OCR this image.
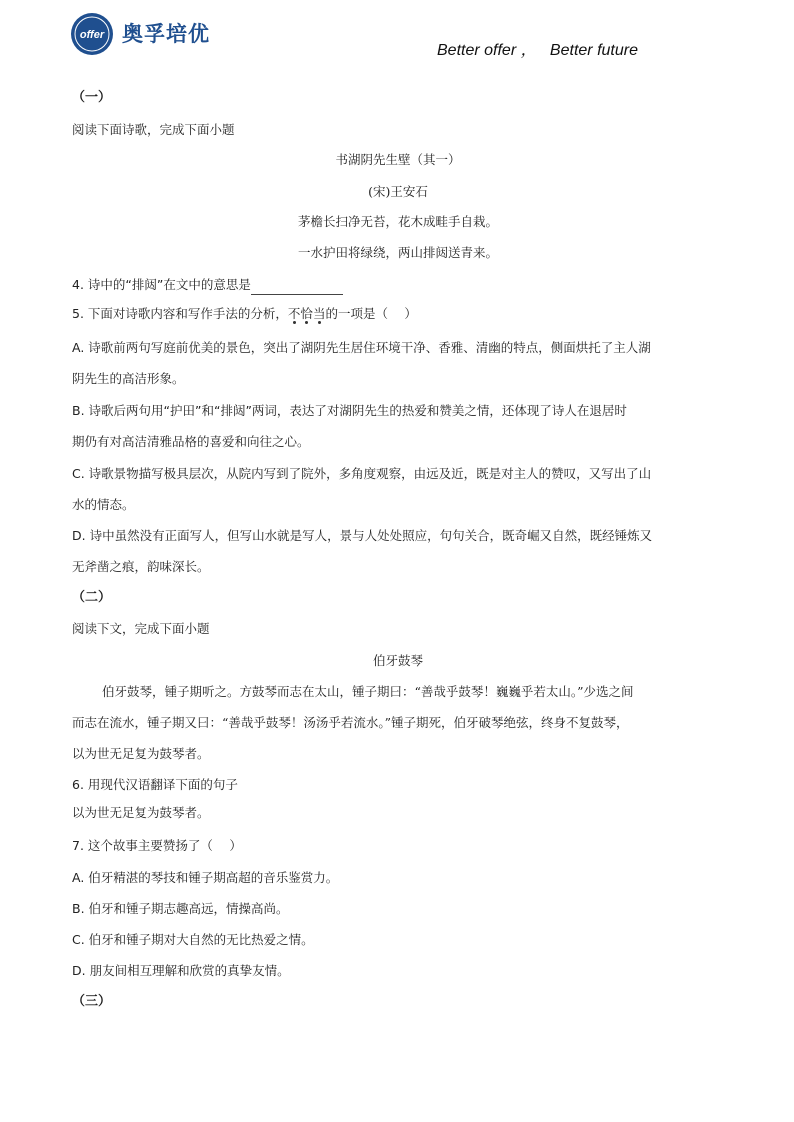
offer 奥孚培优
Better offer ，   Better future
（一）
阅读下面诗歌，完成下面小题
书湖阴先生壁（其一）
(宋)王安石
茅檐长扫净无苔，花木成畦手自栽。
一水护田将绿绕，两山排闼送青来。
4. 诗中的“排闼”在文中的意思是
5. 下面对诗歌内容和写作手法的分析，不恰当的一项是（　 ）
A. 诗歌前两句写庭前优美的景色，突出了湖阴先生居住环境干净、香雅、清幽的特点，侧面烘托了主人湖
阴先生的高洁形象。
B. 诗歌后两句用“护田”和“排闼”两词，表达了对湖阴先生的热爱和赞美之情，还体现了诗人在退居时
期仍有对高洁清雅品格的喜爱和向往之心。
C. 诗歌景物描写极具层次，从院内写到了院外，多角度观察，由远及近，既是对主人的赞叹，又写出了山
水的情态。
D. 诗中虽然没有正面写人，但写山水就是写人，景与人处处照应，句句关合，既奇崛又自然，既经锤炼又
无斧凿之痕，韵味深长。
（二）
阅读下文，完成下面小题
伯牙鼓琴
伯牙鼓琴，锺子期听之。方鼓琴而志在太山，锺子期曰：“善哉乎鼓琴！巍巍乎若太山。”少选之间
而志在流水，锺子期又曰：“善哉乎鼓琴！汤汤乎若流水。”锺子期死，伯牙破琴绝弦，终身不复鼓琴，
以为世无足复为鼓琴者。
6. 用现代汉语翻译下面的句子
以为世无足复为鼓琴者。
7. 这个故事主要赞扬了（　 ）
A. 伯牙精湛的琴技和锺子期高超的音乐鉴赏力。
B. 伯牙和锺子期志趣高远，情操高尚。
C. 伯牙和锺子期对大自然的无比热爱之情。
D. 朋友间相互理解和欣赏的真挚友情。
（三）
